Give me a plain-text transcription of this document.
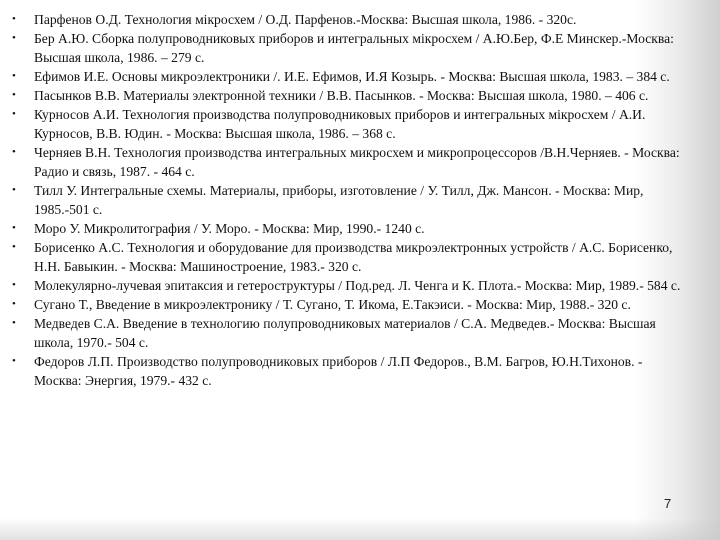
• Парфенов О.Д. Технология мікросхем / О.Д. Парфенов.-Москва: Высшая школа, 1986. - 320с.
• Бер А.Ю. Сборка полупроводниковых приборов и интегральных мікросхем / А.Ю.Бер, Ф.Е Минскер.-Москва: Высшая школа, 1986. – 279 с.
• Ефимов И.Е. Основы микроэлектроники /. И.Е. Ефимов, И.Я Козырь. - Москва: Высшая школа, 1983. – 384 с.
• Пасынков В.В. Материалы электронной техники / В.В. Пасынков. - Москва: Высшая школа, 1980. – 406 с.
• Курносов А.И. Технология производства полупроводниковых приборов и интегральных мікросхем / А.И. Курносов, В.В. Юдин. - Москва: Высшая школа, 1986. – 368 с.
• Черняев В.Н. Технология производства интегральных микросхем и микропроцессоров /В.Н.Черняев. - Москва: Радио и связь, 1987. - 464 с.
• Тилл У. Интегральные схемы. Материалы, приборы, изготовление / У. Тилл, Дж. Мансон. - Москва: Мир, 1985.-501 с.
• Моро У. Микролитография / У. Моро. - Москва: Мир, 1990.- 1240 с.
• Борисенко А.С. Технология и оборудование для производства микроэлектронных устройств / А.С. Борисенко, Н.Н. Бавыкин. - Москва: Машиностроение, 1983.- 320 с.
• Молекулярно-лучевая эпитаксия и гетероструктуры / Под.ред. Л. Ченга и К. Плота.- Москва: Мир, 1989.- 584 с.
• Сугано Т., Введение в микроэлектронику / Т. Сугано, Т. Икома, Е.Такэиси. - Москва: Мир, 1988.- 320 с.
• Медведев С.А. Введение в технологию полупроводниковых материалов / С.А. Медведев.- Москва: Высшая школа, 1970.- 504 с.
• Федоров Л.П. Производство полупроводниковых приборов / Л.П Федоров., В.М. Багров, Ю.Н.Тихонов. - Москва: Энергия, 1979.- 432 с.
7
